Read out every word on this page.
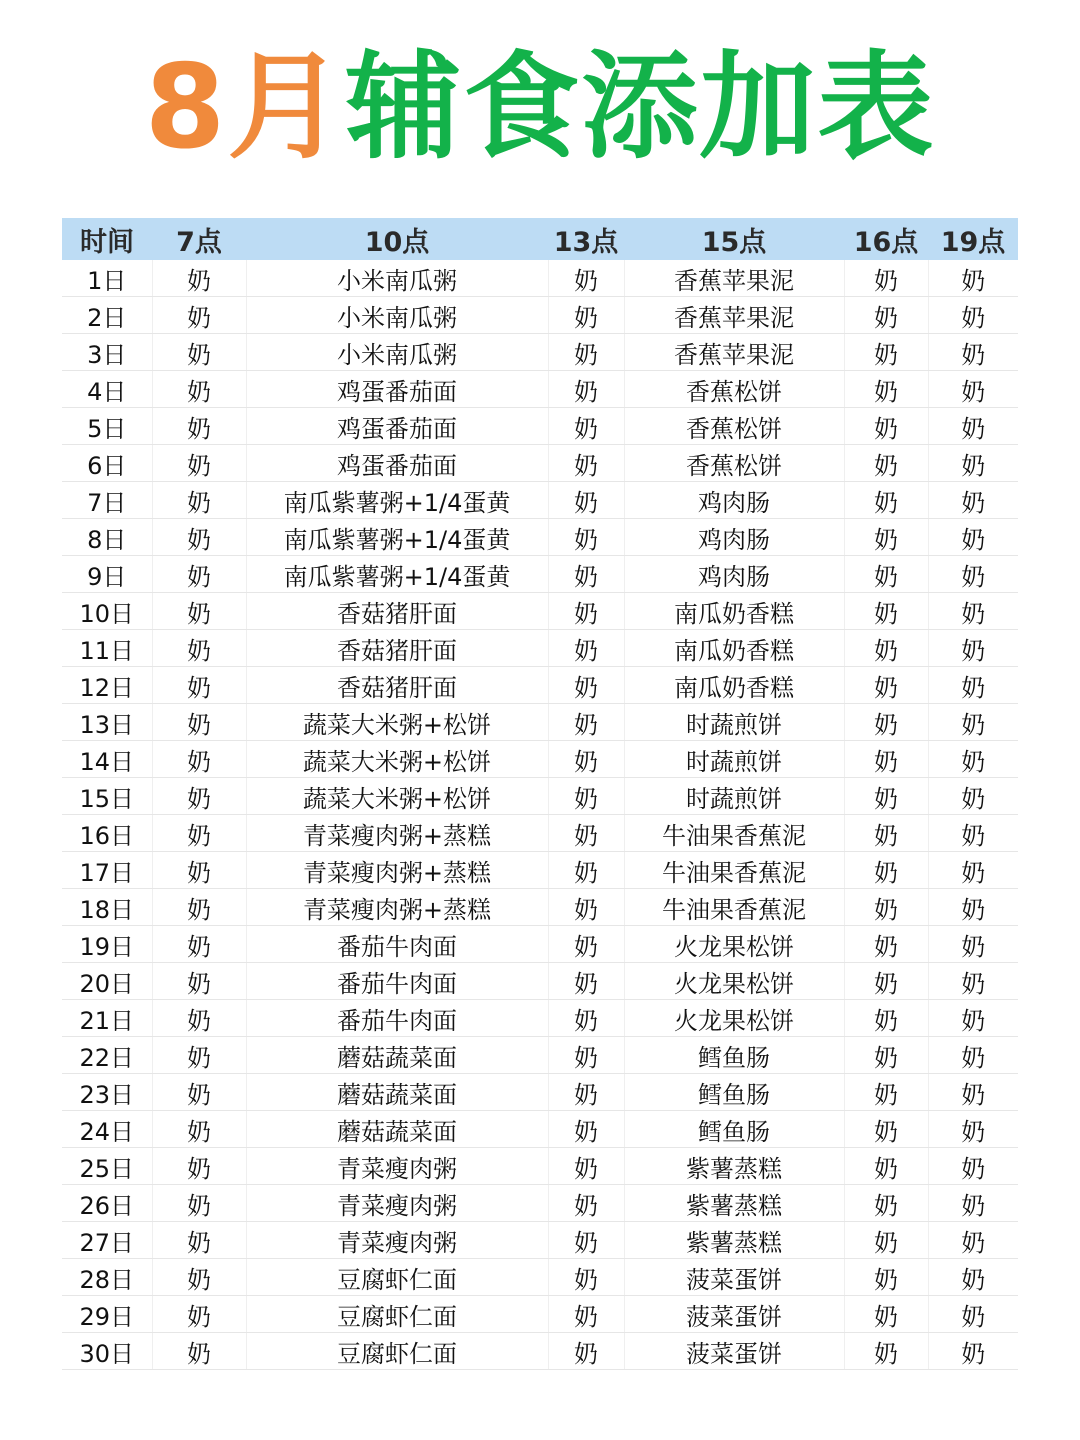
8月辅食添加表
时间	7点	10点	13点	15点	16点	19点
1日	奶	小米南瓜粥	奶	香蕉苹果泥	奶	奶
2日	奶	小米南瓜粥	奶	香蕉苹果泥	奶	奶
3日	奶	小米南瓜粥	奶	香蕉苹果泥	奶	奶
4日	奶	鸡蛋番茄面	奶	香蕉松饼	奶	奶
5日	奶	鸡蛋番茄面	奶	香蕉松饼	奶	奶
6日	奶	鸡蛋番茄面	奶	香蕉松饼	奶	奶
7日	奶	南瓜紫薯粥+1/4蛋黄	奶	鸡肉肠	奶	奶
8日	奶	南瓜紫薯粥+1/4蛋黄	奶	鸡肉肠	奶	奶
9日	奶	南瓜紫薯粥+1/4蛋黄	奶	鸡肉肠	奶	奶
10日	奶	香菇猪肝面	奶	南瓜奶香糕	奶	奶
11日	奶	香菇猪肝面	奶	南瓜奶香糕	奶	奶
12日	奶	香菇猪肝面	奶	南瓜奶香糕	奶	奶
13日	奶	蔬菜大米粥+松饼	奶	时蔬煎饼	奶	奶
14日	奶	蔬菜大米粥+松饼	奶	时蔬煎饼	奶	奶
15日	奶	蔬菜大米粥+松饼	奶	时蔬煎饼	奶	奶
16日	奶	青菜瘦肉粥+蒸糕	奶	牛油果香蕉泥	奶	奶
17日	奶	青菜瘦肉粥+蒸糕	奶	牛油果香蕉泥	奶	奶
18日	奶	青菜瘦肉粥+蒸糕	奶	牛油果香蕉泥	奶	奶
19日	奶	番茄牛肉面	奶	火龙果松饼	奶	奶
20日	奶	番茄牛肉面	奶	火龙果松饼	奶	奶
21日	奶	番茄牛肉面	奶	火龙果松饼	奶	奶
22日	奶	蘑菇蔬菜面	奶	鳕鱼肠	奶	奶
23日	奶	蘑菇蔬菜面	奶	鳕鱼肠	奶	奶
24日	奶	蘑菇蔬菜面	奶	鳕鱼肠	奶	奶
25日	奶	青菜瘦肉粥	奶	紫薯蒸糕	奶	奶
26日	奶	青菜瘦肉粥	奶	紫薯蒸糕	奶	奶
27日	奶	青菜瘦肉粥	奶	紫薯蒸糕	奶	奶
28日	奶	豆腐虾仁面	奶	菠菜蛋饼	奶	奶
29日	奶	豆腐虾仁面	奶	菠菜蛋饼	奶	奶
30日	奶	豆腐虾仁面	奶	菠菜蛋饼	奶	奶
